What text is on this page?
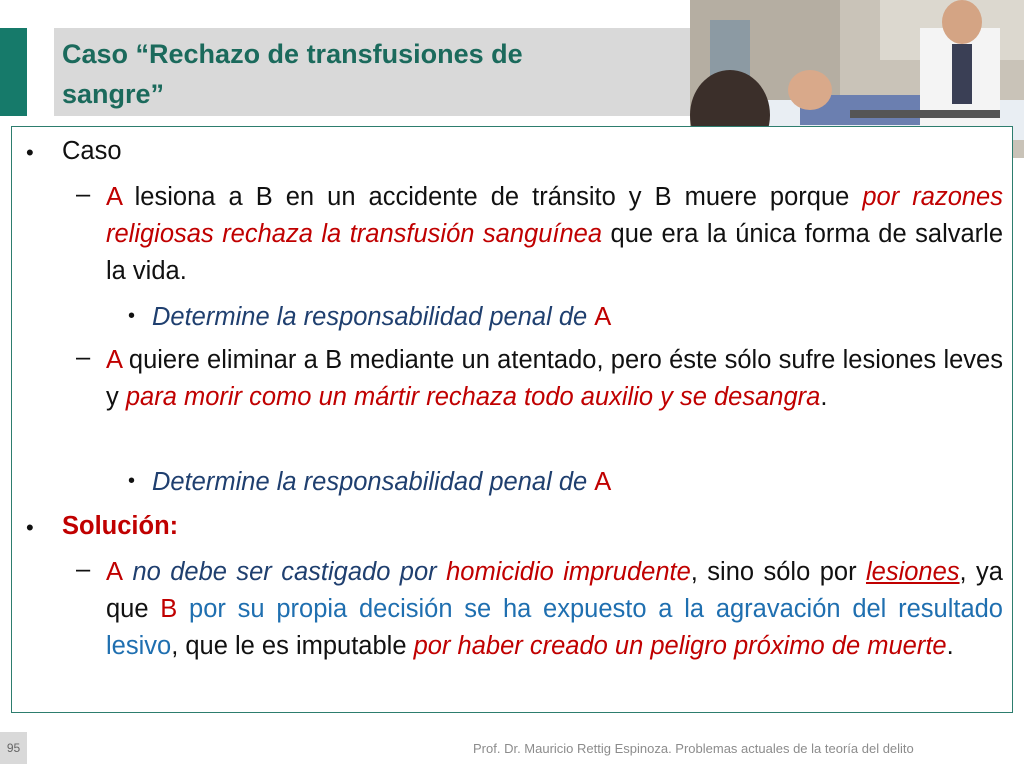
Caso “Rechazo de transfusiones de sangre”
• Caso
– A lesiona a B en un accidente de tránsito y B muere porque por razones religiosas rechaza la transfusión sanguínea que era la única forma de salvarle la vida.
• Determine la responsabilidad penal de A
– A quiere eliminar a B mediante un atentado, pero éste sólo sufre lesiones leves y para morir como un mártir rechaza todo auxilio y se desangra.
• Determine la responsabilidad penal de A
• Solución:
– A no debe ser castigado por homicidio imprudente, sino sólo por lesiones, ya que B por su propia decisión se ha expuesto a la agravación del resultado lesivo, que le es imputable por haber creado un peligro próximo de muerte.
95	Prof. Dr. Mauricio Rettig Espinoza. Problemas actuales de la teoría del delito
